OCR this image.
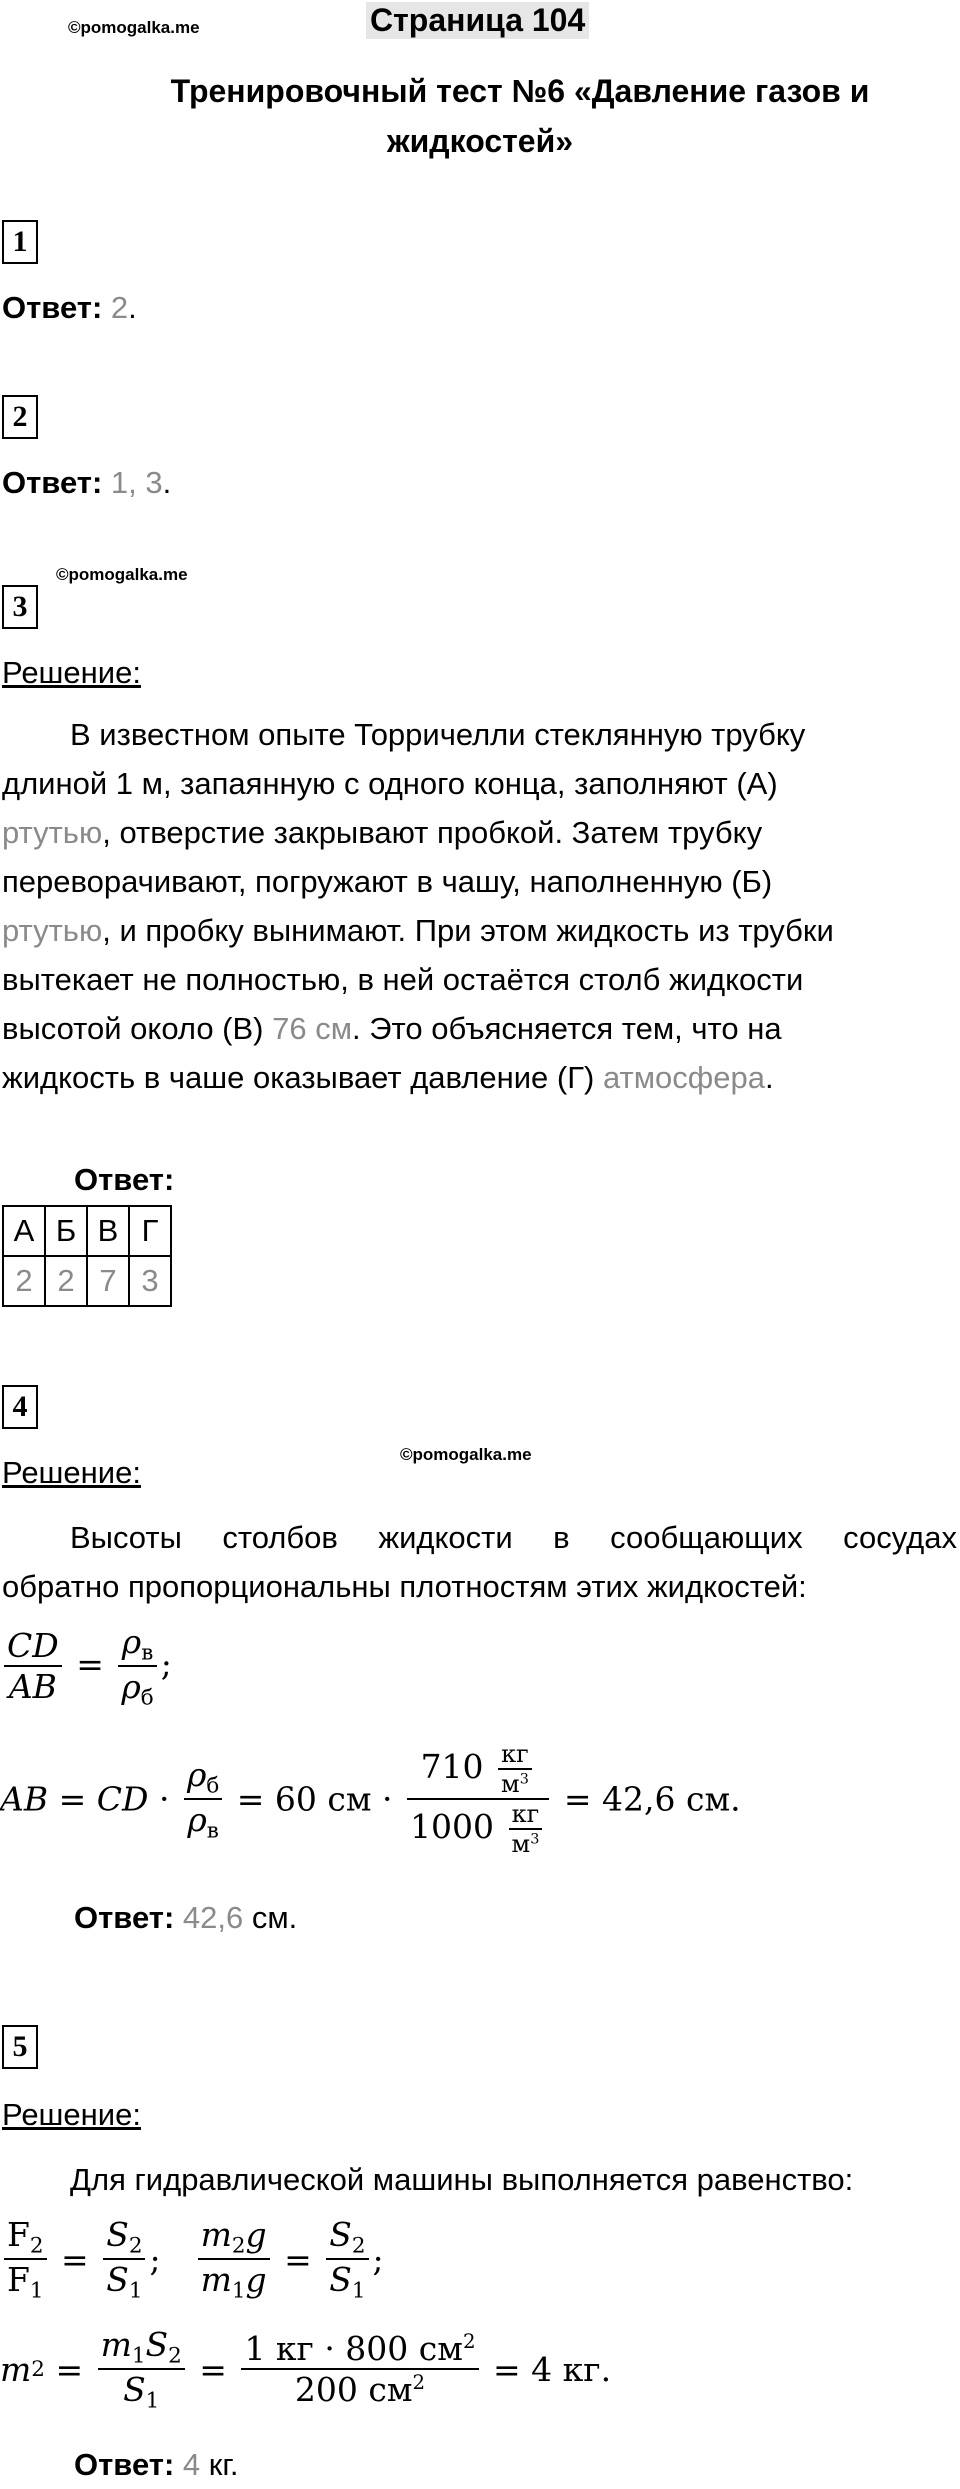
©pomogalka.me	Страница 104
Тренировочный тест №6 «Давление газов и
жидкостей»
1
Ответ: 2.
2
Ответ: 1, 3.
3
©pomogalka.me
Решение:
В известном опыте Торричелли стеклянную трубку
длиной 1 м, запаянную с одного конца, заполняют (А)
ртутью, отверстие закрывают пробкой. Затем трубку
переворачивают, погружают в чашу, наполненную (Б)
ртутью, и пробку вынимают. При этом жидкость из трубки
вытекает не полностью, в ней остаётся столб жидкости
высотой около (В) 76 см. Это объясняется тем, что на
жидкость в чаше оказывает давление (Г) атмосфера.
Ответ:
А	Б	В	Г
2	2	7	3
4
©pomogalka.me
Решение:
Высоты столбов жидкости в сообщающих сосудах
обратно пропорциональны плотностям этих жидкостей:
$\frac{CD}{AB} = \frac{\rho_в}{\rho_б}$ ;
AB = CD · $\frac{\rho_б}{\rho_в} = 60$ см · $\frac{710 \frac{кг}{м^3}}{1000 \frac{кг}{м^3}} = 42,6$ см.
Ответ: 42,6 см.
5
Решение:
Для гидравлической машины выполняется равенство:
$\frac{F_2}{F_1} = \frac{S_2}{S_1}$ ; $\frac{m_2g}{m_1g} = \frac{S_2}{S_1}$ ;
$m2 = \frac{m_1S_2}{S_1} = \frac{1 кг \cdot 800 см^2}{200 см^2} = 4$ кг.
Ответ: 4 кг.
